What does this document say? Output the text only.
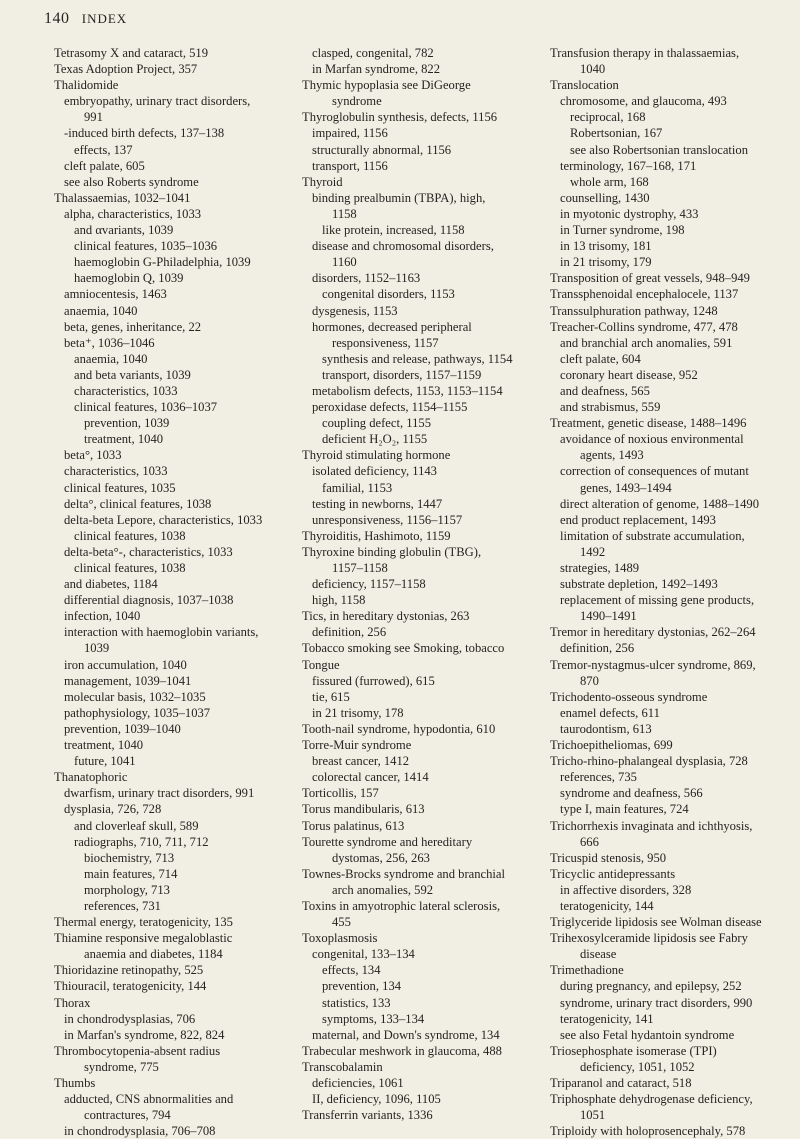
140 INDEX
Tetrasomy X and cataract, 519
Texas Adoption Project, 357
Thalidomide
embryopathy, urinary tract disorders,
991
-induced birth defects, 137–138
effects, 137
cleft palate, 605
see also Roberts syndrome
Thalassaemias, 1032–1041
alpha, characteristics, 1033
and αvariants, 1039
clinical features, 1035–1036
haemoglobin G-Philadelphia, 1039
haemoglobin Q, 1039
amniocentesis, 1463
anaemia, 1040
beta, genes, inheritance, 22
beta⁺, 1036–1046
anaemia, 1040
and beta variants, 1039
characteristics, 1033
clinical features, 1036–1037
prevention, 1039
treatment, 1040
beta°, 1033
characteristics, 1033
clinical features, 1035
delta°, clinical features, 1038
delta-beta Lepore, characteristics, 1033
clinical features, 1038
delta-beta°-, characteristics, 1033
clinical features, 1038
and diabetes, 1184
differential diagnosis, 1037–1038
infection, 1040
interaction with haemoglobin variants,
1039
iron accumulation, 1040
management, 1039–1041
molecular basis, 1032–1035
pathophysiology, 1035–1037
prevention, 1039–1040
treatment, 1040
future, 1041
Thanatophoric
dwarfism, urinary tract disorders, 991
dysplasia, 726, 728
and cloverleaf skull, 589
radiographs, 710, 711, 712
biochemistry, 713
main features, 714
morphology, 713
references, 731
Thermal energy, teratogenicity, 135
Thiamine responsive megaloblastic
anaemia and diabetes, 1184
Thioridazine retinopathy, 525
Thiouracil, teratogenicity, 144
Thorax
in chondrodysplasias, 706
in Marfan's syndrome, 822, 824
Thrombocytopenia-absent radius
syndrome, 775
Thumbs
adducted, CNS abnormalities and
contractures, 794
in chondrodysplasia, 706–708
clasped, congenital, 782
in Marfan syndrome, 822
Thymic hypoplasia see DiGeorge
syndrome
Thyroglobulin synthesis, defects, 1156
impaired, 1156
structurally abnormal, 1156
transport, 1156
Thyroid
binding prealbumin (TBPA), high,
1158
like protein, increased, 1158
disease and chromosomal disorders,
1160
disorders, 1152–1163
congenital disorders, 1153
dysgenesis, 1153
hormones, decreased peripheral
responsiveness, 1157
synthesis and release, pathways, 1154
transport, disorders, 1157–1159
metabolism defects, 1153, 1153–1154
peroxidase defects, 1154–1155
coupling defect, 1155
deficient H₂O₂, 1155
Thyroid stimulating hormone
isolated deficiency, 1143
familial, 1153
testing in newborns, 1447
unresponsiveness, 1156–1157
Thyroiditis, Hashimoto, 1159
Thyroxine binding globulin (TBG),
1157–1158
deficiency, 1157–1158
high, 1158
Tics, in hereditary dystonias, 263
definition, 256
Tobacco smoking see Smoking, tobacco
Tongue
fissured (furrowed), 615
tie, 615
in 21 trisomy, 178
Tooth-nail syndrome, hypodontia, 610
Torre-Muir syndrome
breast cancer, 1412
colorectal cancer, 1414
Torticollis, 157
Torus mandibularis, 613
Torus palatinus, 613
Tourette syndrome and hereditary
dystomas, 256, 263
Townes-Brocks syndrome and branchial
arch anomalies, 592
Toxins in amyotrophic lateral sclerosis,
455
Toxoplasmosis
congenital, 133–134
effects, 134
prevention, 134
statistics, 133
symptoms, 133–134
maternal, and Down's syndrome, 134
Trabecular meshwork in glaucoma, 488
Transcobalamin
deficiencies, 1061
II, deficiency, 1096, 1105
Transferrin variants, 1336
Transfusion therapy in thalassaemias,
1040
Translocation
chromosome, and glaucoma, 493
reciprocal, 168
Robertsonian, 167
see also Robertsonian translocation
terminology, 167–168, 171
whole arm, 168
counselling, 1430
in myotonic dystrophy, 433
in Turner syndrome, 198
in 13 trisomy, 181
in 21 trisomy, 179
Transposition of great vessels, 948–949
Transsphenoidal encephalocele, 1137
Transsulphuration pathway, 1248
Treacher-Collins syndrome, 477, 478
and branchial arch anomalies, 591
cleft palate, 604
coronary heart disease, 952
and deafness, 565
and strabismus, 559
Treatment, genetic disease, 1488–1496
avoidance of noxious environmental
agents, 1493
correction of consequences of mutant
genes, 1493–1494
direct alteration of genome, 1488–1490
end product replacement, 1493
limitation of substrate accumulation,
1492
strategies, 1489
substrate depletion, 1492–1493
replacement of missing gene products,
1490–1491
Tremor in hereditary dystonias, 262–264
definition, 256
Tremor-nystagmus-ulcer syndrome, 869,
870
Trichodento-osseous syndrome
enamel defects, 611
taurodontism, 613
Trichoepitheliomas, 699
Tricho-rhino-phalangeal dysplasia, 728
references, 735
syndrome and deafness, 566
type I, main features, 724
Trichorrhexis invaginata and ichthyosis,
666
Tricuspid stenosis, 950
Tricyclic antidepressants
in affective disorders, 328
teratogenicity, 144
Triglyceride lipidosis see Wolman disease
Trihexosylceramide lipidosis see Fabry
disease
Trimethadione
during pregnancy, and epilepsy, 252
syndrome, urinary tract disorders, 990
teratogenicity, 141
see also Fetal hydantoin syndrome
Triosephosphate isomerase (TPI)
deficiency, 1051, 1052
Triparanol and cataract, 518
Triphosphate dehydrogenase deficiency,
1051
Triploidy with holoprosencephaly, 578
